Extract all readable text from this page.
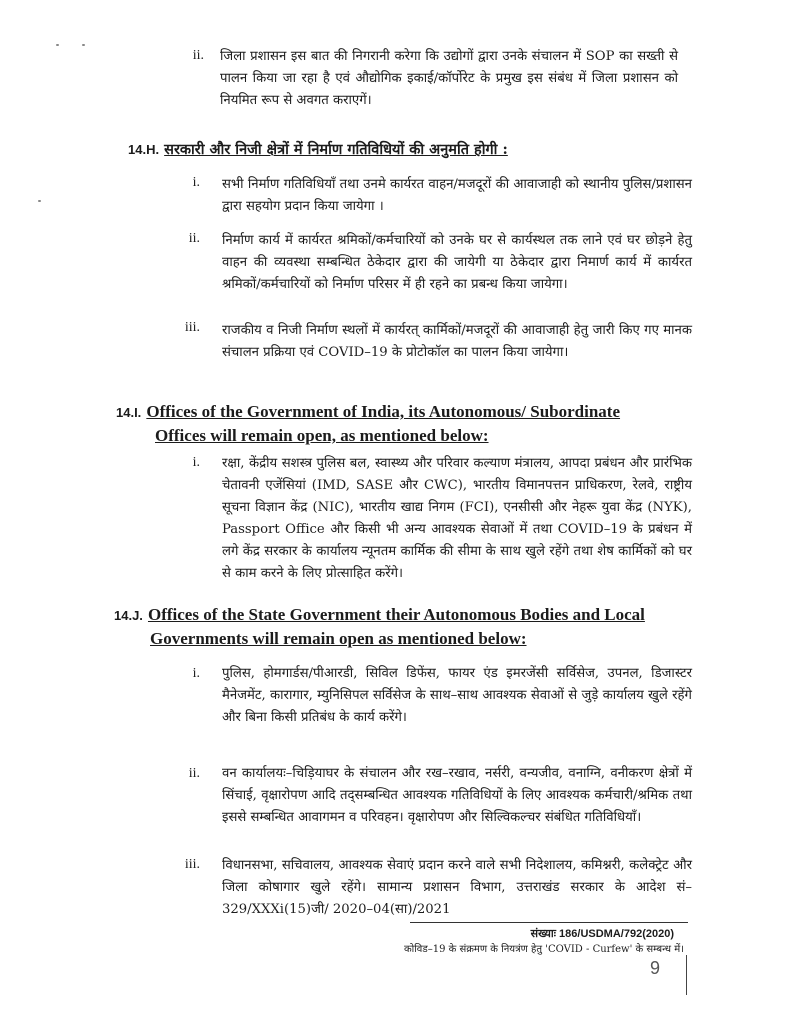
ii. जिला प्रशासन इस बात की निगरानी करेगा कि उद्योगों द्वारा उनके संचालन में SOP का सख्ती से पालन किया जा रहा है एवं औद्योगिक इकाई/कॉर्पोरेट के प्रमुख इस संबंध में जिला प्रशासन को नियमित रूप से अवगत कराएगें।
14.H. सरकारी और निजी क्षेत्रों में निर्माण गतिविधियों की अनुमति होगी :
i. सभी निर्माण गतिविधियाँ तथा उनमे कार्यरत वाहन/मजदूरों की आवाजाही को स्थानीय पुलिस/प्रशासन द्वारा सहयोग प्रदान किया जायेगा ।
ii. निर्माण कार्य में कार्यरत श्रमिकों/कर्मचारियों को उनके घर से कार्यस्थल तक लाने एवं घर छोड़ने हेतु वाहन की व्यवस्था सम्बन्धित ठेकेदार द्वारा की जायेगी या ठेकेदार द्वारा निमार्ण कार्य में कार्यरत श्रमिकों/कर्मचारियों को निर्माण परिसर में ही रहने का प्रबन्ध किया जायेगा।
iii. राजकीय व निजी निर्माण स्थलों में कार्यरत् कार्मिकों/मजदूरों की आवाजाही हेतु जारी किए गए मानक संचालन प्रक्रिया एवं COVID–19 के प्रोटोकॉल का पालन किया जायेगा।
14.I. Offices of the Government of India, its Autonomous/ Subordinate
Offices will remain open, as mentioned below:
i. रक्षा, केंद्रीय सशस्त्र पुलिस बल, स्वास्थ्य और परिवार कल्याण मंत्रालय, आपदा प्रबंधन और प्रारंभिक चेतावनी एजेंसियां (IMD, SASE और CWC), भारतीय विमानपत्तन प्राधिकरण, रेलवे, राष्ट्रीय सूचना विज्ञान केंद्र (NIC), भारतीय खाद्य निगम (FCI), एनसीसी और नेहरू युवा केंद्र (NYK), Passport Office और किसी भी अन्य आवश्यक सेवाओं में तथा COVID–19 के प्रबंधन में लगे केंद्र सरकार के कार्यालय न्यूनतम कार्मिक की सीमा के साथ खुले रहेंगे तथा शेष कार्मिकों को घर से काम करने के लिए प्रोत्साहित करेंगे।
14.J. Offices of the State Government their Autonomous Bodies and Local
Governments will remain open as mentioned below:
i. पुलिस, होमगार्डस/पीआरडी, सिविल डिफेंस, फायर एंड इमरजेंसी सर्विसेज, उपनल, डिजास्टर मैनेजमेंट, कारागार, म्युनिसिपल सर्विसेज के साथ–साथ आवश्यक सेवाओं से जुड़े कार्यालय खुले रहेंगे और बिना किसी प्रतिबंध के कार्य करेंगे।
ii. वन कार्यालयः–चिड़ियाघर के संचालन और रख–रखाव, नर्सरी, वन्यजीव, वनाग्नि, वनीकरण क्षेत्रों में सिंचाई, वृक्षारोपण आदि तद्सम्बन्धित आवश्यक गतिविधियों के लिए आवश्यक कर्मचारी/श्रमिक तथा इससे सम्बन्धित आवागमन व परिवहन। वृक्षारोपण और सिल्विकल्चर संबंधित गतिविधियाँ।
iii. विधानसभा, सचिवालय, आवश्यक सेवाएं प्रदान करने वाले सभी निदेशालय, कमिश्नरी, कलेक्ट्रेट और जिला कोषागार खुले रहेंगे। सामान्य प्रशासन विभाग, उत्तराखंड सरकार के आदेश सं–329/XXXi(15)जी/ 2020–04(सा)/2021
संख्याः 186/USDMA/792(2020)
कोविड–19 के संक्रमण के नियत्रंण हेतु 'COVID - Curfew' के सम्बन्ध में।
9
